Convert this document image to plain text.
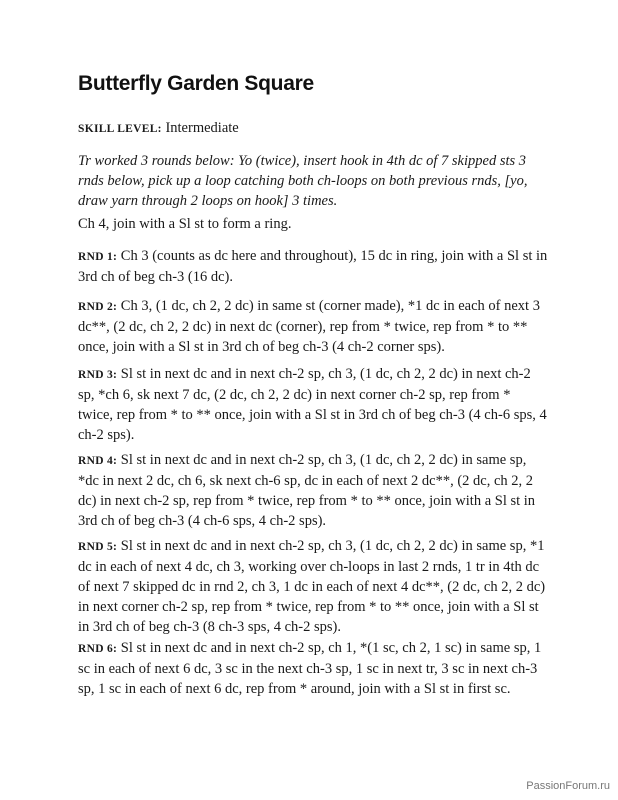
Butterfly Garden Square
SKILL LEVEL: Intermediate
Tr worked 3 rounds below: Yo (twice), insert hook in 4th dc of 7 skipped sts 3 rnds below, pick up a loop catching both ch-loops on both previous rnds, [yo, draw yarn through 2 loops on hook] 3 times.
Ch 4, join with a Sl st to form a ring.
RND 1: Ch 3 (counts as dc here and throughout), 15 dc in ring, join with a Sl st in 3rd ch of beg ch-3 (16 dc).
RND 2: Ch 3, (1 dc, ch 2, 2 dc) in same st (corner made), *1 dc in each of next 3 dc**, (2 dc, ch 2, 2 dc) in next dc (corner), rep from * twice, rep from * to ** once, join with a Sl st in 3rd ch of beg ch-3 (4 ch-2 corner sps).
RND 3: Sl st in next dc and in next ch-2 sp, ch 3, (1 dc, ch 2, 2 dc) in next ch-2 sp, *ch 6, sk next 7 dc, (2 dc, ch 2, 2 dc) in next corner ch-2 sp, rep from * twice, rep from * to ** once, join with a Sl st in 3rd ch of beg ch-3 (4 ch-6 sps, 4 ch-2 sps).
RND 4: Sl st in next dc and in next ch-2 sp, ch 3, (1 dc, ch 2, 2 dc) in same sp, *dc in next 2 dc, ch 6, sk next ch-6 sp, dc in each of next 2 dc**, (2 dc, ch 2, 2 dc) in next ch-2 sp, rep from * twice, rep from * to ** once, join with a Sl st in 3rd ch of beg ch-3 (4 ch-6 sps, 4 ch-2 sps).
RND 5: Sl st in next dc and in next ch-2 sp, ch 3, (1 dc, ch 2, 2 dc) in same sp, *1 dc in each of next 4 dc, ch 3, working over ch-loops in last 2 rnds, 1 tr in 4th dc of next 7 skipped dc in rnd 2, ch 3, 1 dc in each of next 4 dc**, (2 dc, ch 2, 2 dc) in next corner ch-2 sp, rep from * twice, rep from * to ** once, join with a Sl st in 3rd ch of beg ch-3 (8 ch-3 sps, 4 ch-2 sps).
RND 6: Sl st in next dc and in next ch-2 sp, ch 1, *(1 sc, ch 2, 1 sc) in same sp, 1 sc in each of next 6 dc, 3 sc in the next ch-3 sp, 1 sc in next tr, 3 sc in next ch-3 sp, 1 sc in each of next 6 dc, rep from * around, join with a Sl st in first sc.
PassionForum.ru
